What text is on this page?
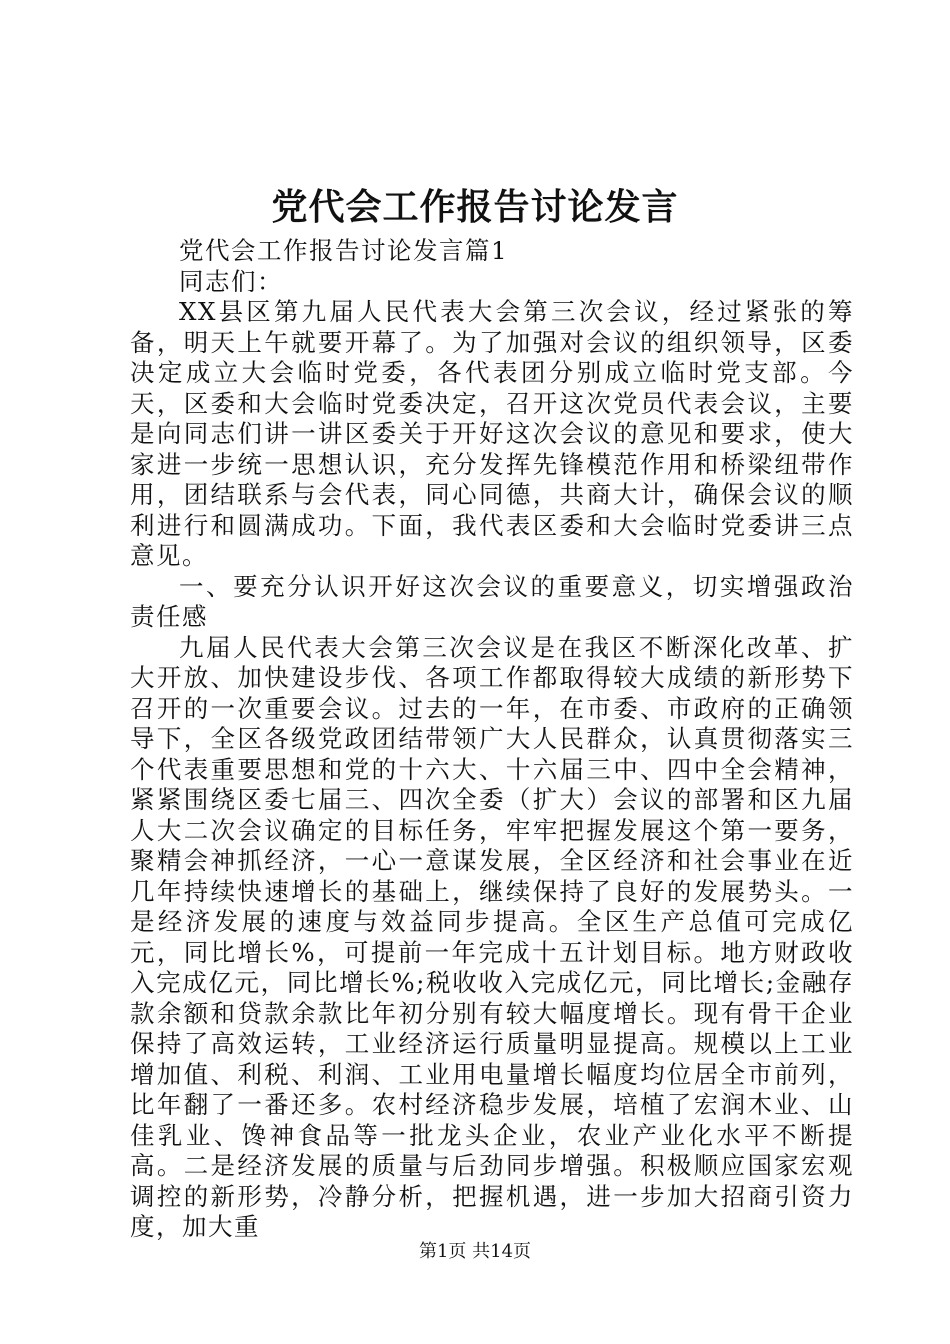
党代会工作报告讨论发言

党代会工作报告讨论发言篇1

同志们：

XX县区第九届人民代表大会第三次会议，经过紧张的筹备，明天上午就要开幕了。为了加强对会议的组织领导，区委决定成立大会临时党委，各代表团分别成立临时党支部。今天，区委和大会临时党委决定，召开这次党员代表会议，主要是向同志们讲一讲区委关于开好这次会议的意见和要求，使大家进一步统一思想认识，充分发挥先锋模范作用和桥梁纽带作用，团结联系与会代表，同心同德，共商大计，确保会议的顺利进行和圆满成功。下面，我代表区委和大会临时党委讲三点意见。

一、要充分认识开好这次会议的重要意义，切实增强政治责任感

九届人民代表大会第三次会议是在我区不断深化改革、扩大开放、加快建设步伐、各项工作都取得较大成绩的新形势下召开的一次重要会议。过去的一年，在市委、市政府的正确领导下，全区各级党政团结带领广大人民群众，认真贯彻落实三个代表重要思想和党的十六大、十六届三中、四中全会精神，紧紧围绕区委七届三、四次全委（扩大）会议的部署和区九届人大二次会议确定的目标任务，牢牢把握发展这个第一要务，聚精会神抓经济，一心一意谋发展，全区经济和社会事业在近几年持续快速增长的基础上，继续保持了良好的发展势头。一是经济发展的速度与效益同步提高。全区生产总值可完成亿元，同比增长%，可提前一年完成十五计划目标。地方财政收入完成亿元，同比增长%;税收收入完成亿元，同比增长;金融存款余额和贷款余款比年初分别有较大幅度增长。现有骨干企业保持了高效运转，工业经济运行质量明显提高。规模以上工业增加值、利税、利润、工业用电量增长幅度均位居全市前列，比年翻了一番还多。农村经济稳步发展，培植了宏润木业、山佳乳业、馋神食品等一批龙头企业，农业产业化水平不断提高。二是经济发展的质量与后劲同步增强。积极顺应国家宏观调控的新形势，冷静分析，把握机遇，进一步加大招商引资力度，加大重

第1页 共14页
